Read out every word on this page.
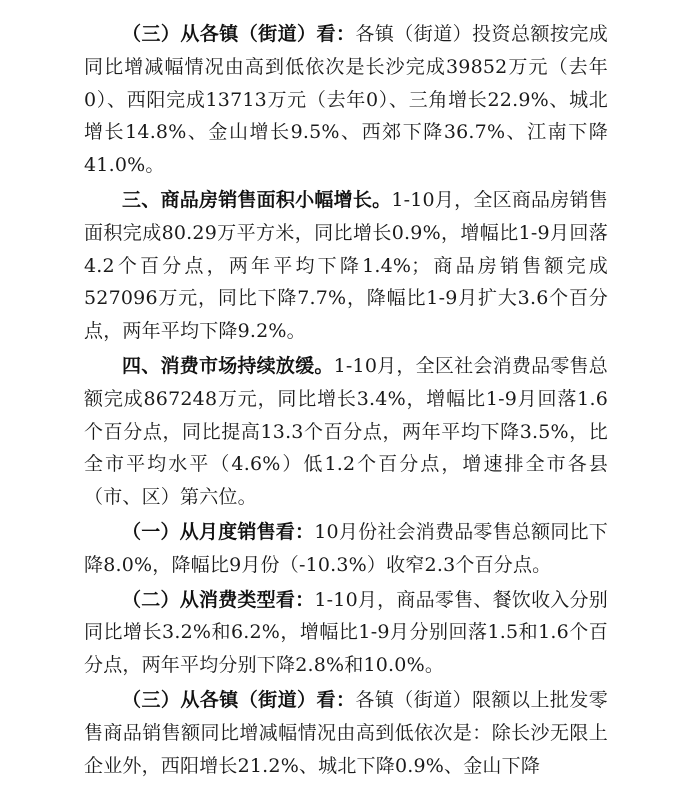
（三）从各镇（街道）看：各镇（街道）投资总额按完成同比增减幅情况由高到低依次是长沙完成39852万元（去年0）、西阳完成13713万元（去年0）、三角增长22.9%、城北增长14.8%、金山增长9.5%、西郊下降36.7%、江南下降41.0%。

三、商品房销售面积小幅增长。1-10月，全区商品房销售面积完成80.29万平方米，同比增长0.9%，增幅比1-9月回落4.2个百分点，两年平均下降1.4%；商品房销售额完成527096万元，同比下降7.7%，降幅比1-9月扩大3.6个百分点，两年平均下降9.2%。

四、消费市场持续放缓。1-10月，全区社会消费品零售总额完成867248万元，同比增长3.4%，增幅比1-9月回落1.6个百分点，同比提高13.3个百分点，两年平均下降3.5%，比全市平均水平（4.6%）低1.2个百分点，增速排全市各县（市、区）第六位。

（一）从月度销售看：10月份社会消费品零售总额同比下降8.0%，降幅比9月份（-10.3%）收窄2.3个百分点。

（二）从消费类型看：1-10月，商品零售、餐饮收入分别同比增长3.2%和6.2%，增幅比1-9月分别回落1.5和1.6个百分点，两年平均分别下降2.8%和10.0%。

（三）从各镇（街道）看：各镇（街道）限额以上批发零售商品销售额同比增减幅情况由高到低依次是：除长沙无限上企业外，西阳增长21.2%、城北下降0.9%、金山下降
